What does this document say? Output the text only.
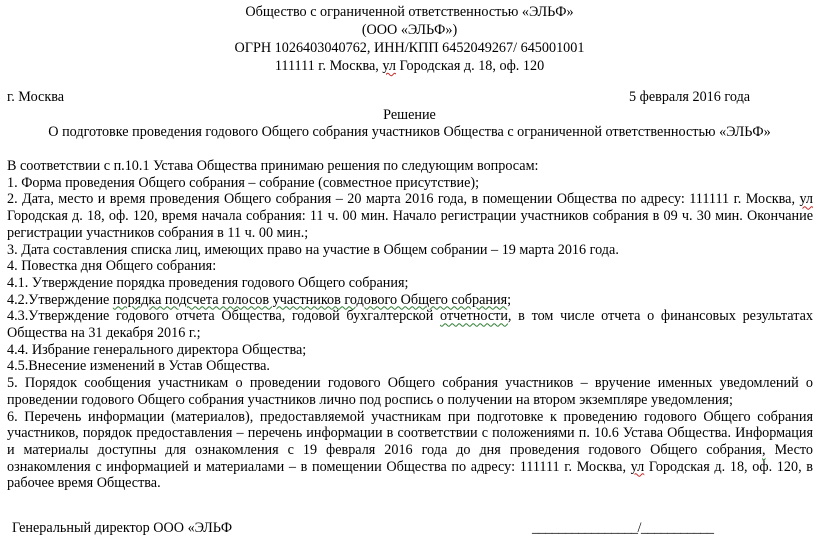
Общество с ограниченной ответственностью «ЭЛЬФ»
(ООО «ЭЛЬФ»)
ОГРН 1026403040762, ИНН/КПП 6452049267/ 645001001
111111 г. Москва, ул Городская д. 18, оф. 120
г. Москва	5 февраля 2016 года
Решение
О подготовке проведения годового Общего собрания участников Общества с ограниченной ответственностью «ЭЛЬФ»

В соответствии с п.10.1 Устава Общества принимаю решения по следующим вопросам:

1. Форма проведения Общего собрания – собрание (совместное присутствие);

2. Дата, место и время проведения Общего собрания – 20 марта 2016 года, в помещении Общества по адресу: 111111 г. Москва, ул Городская д. 18, оф. 120, время начала собрания: 11 ч. 00 мин. Начало регистрации участников собрания в 09 ч. 30 мин. Окончание регистрации участников собрания в 11 ч. 00 мин.;

3. Дата составления списка лиц, имеющих право на участие в Общем собрании – 19 марта 2016 года.

4. Повестка дня Общего собрания:

4.1. Утверждение порядка проведения годового Общего собрания;

4.2.Утверждение порядка подсчета голосов участников годового Общего собрания;

4.3.Утверждение годового отчета Общества, годовой бухгалтерской отчетности, в том числе отчета о финансовых результатах Общества на 31 декабря 2016 г.;

4.4. Избрание генерального директора Общества;

4.5.Внесение изменений в Устав Общества.

5. Порядок сообщения участникам о проведении годового Общего собрания участников – вручение именных уведомлений о проведении годового Общего собрания участников лично под роспись о получении на втором экземпляре уведомления;

6. Перечень информации (материалов), предоставляемой участникам при подготовке к проведению годового Общего собрания участников, порядок предоставления – перечень информации в соответствии с положениями п. 10.6 Устава Общества. Информация и материалы доступны для ознакомления с 19 февраля 2016 года до дня проведения годового Общего собрания, Место ознакомления с информацией и материалами – в помещении Общества по адресу: 111111 г. Москва, ул Городская д. 18, оф. 120, в рабочее время Общества.

Генеральный директор ООО «ЭЛЬФ	________________/___________
